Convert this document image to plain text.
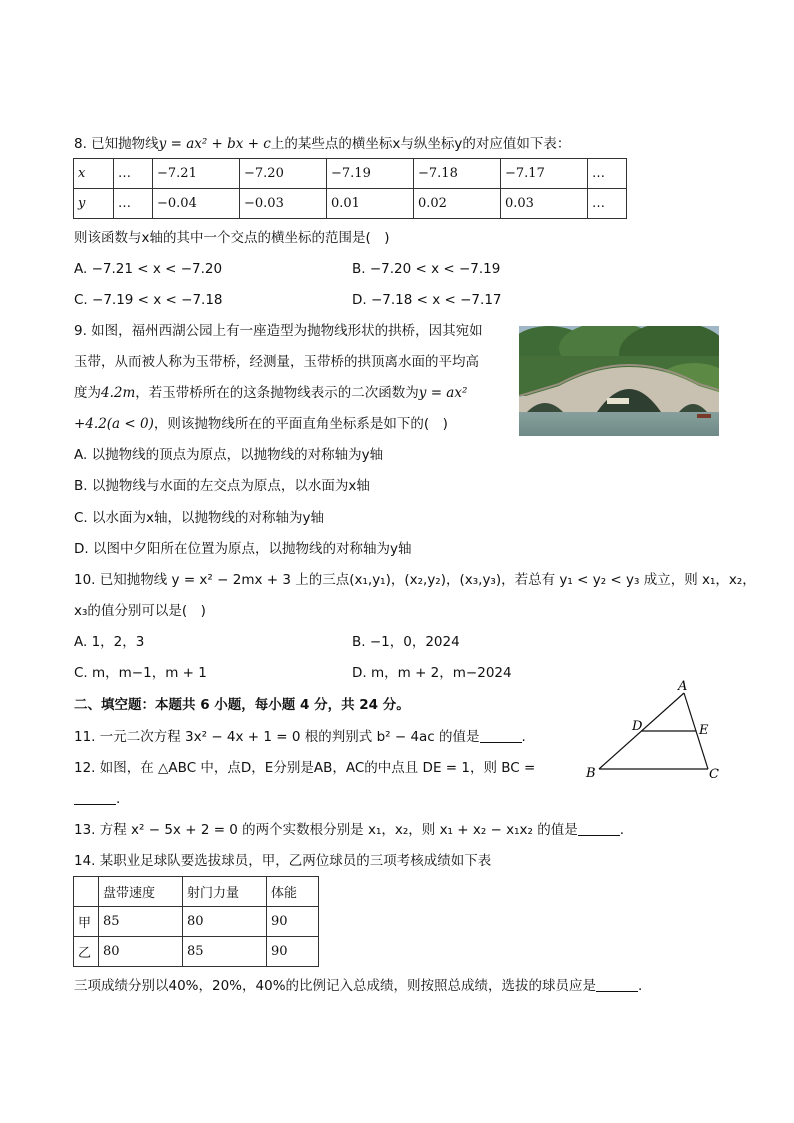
8. 已知抛物线y = ax² + bx + c上的某些点的横坐标x与纵坐标y的对应值如下表：
x	…	−7.21	−7.20	−7.19	−7.18	−7.17	…
y	…	−0.04	−0.03	0.01	0.02	0.03	…
则该函数与x轴的其中一个交点的横坐标的范围是(　)
A. −7.21 < x < −7.20	B. −7.20 < x < −7.19
C. −7.19 < x < −7.18	D. −7.18 < x < −7.17
9. 如图，福州西湖公园上有一座造型为抛物线形状的拱桥，因其宛如
玉带，从而被人称为玉带桥，经测量，玉带桥的拱顶离水面的平均高
度为4.2m，若玉带桥所在的这条抛物线表示的二次函数为y = ax²
+4.2(a < 0)，则该抛物线所在的平面直角坐标系是如下的(　)
A. 以抛物线的顶点为原点，以抛物线的对称轴为y轴
B. 以抛物线与水面的左交点为原点，以水面为x轴
C. 以水面为x轴，以抛物线的对称轴为y轴
D. 以图中夕阳所在位置为原点，以抛物线的对称轴为y轴
10. 已知抛物线 y = x² − 2mx + 3 上的三点(x₁,y₁)，(x₂,y₂)，(x₃,y₃)，若总有 y₁ < y₂ < y₃ 成立，则 x₁，x₂，
x₃的值分别可以是(　)
A. 1，2，3	B. −1，0，2024
C. m，m−1，m + 1	D. m，m + 2，m−2024
二、填空题：本题共 6 小题，每小题 4 分，共 24 分。
11. 一元二次方程 3x² − 4x + 1 = 0 根的判别式 b² − 4ac 的值是	.
12. 如图，在 △ABC 中，点D，E分别是AB，AC的中点且 DE = 1，则 BC =
.
A
D	E
B	C
13. 方程 x² − 5x + 2 = 0 的两个实数根分别是 x₁，x₂，则 x₁ + x₂ − x₁x₂ 的值是	.
14. 某职业足球队要选拔球员，甲，乙两位球员的三项考核成绩如下表
	盘带速度	射门力量	体能
甲	85	80	90
乙	80	85	90
三项成绩分别以40%，20%，40%的比例记入总成绩，则按照总成绩，选拔的球员应是	.
